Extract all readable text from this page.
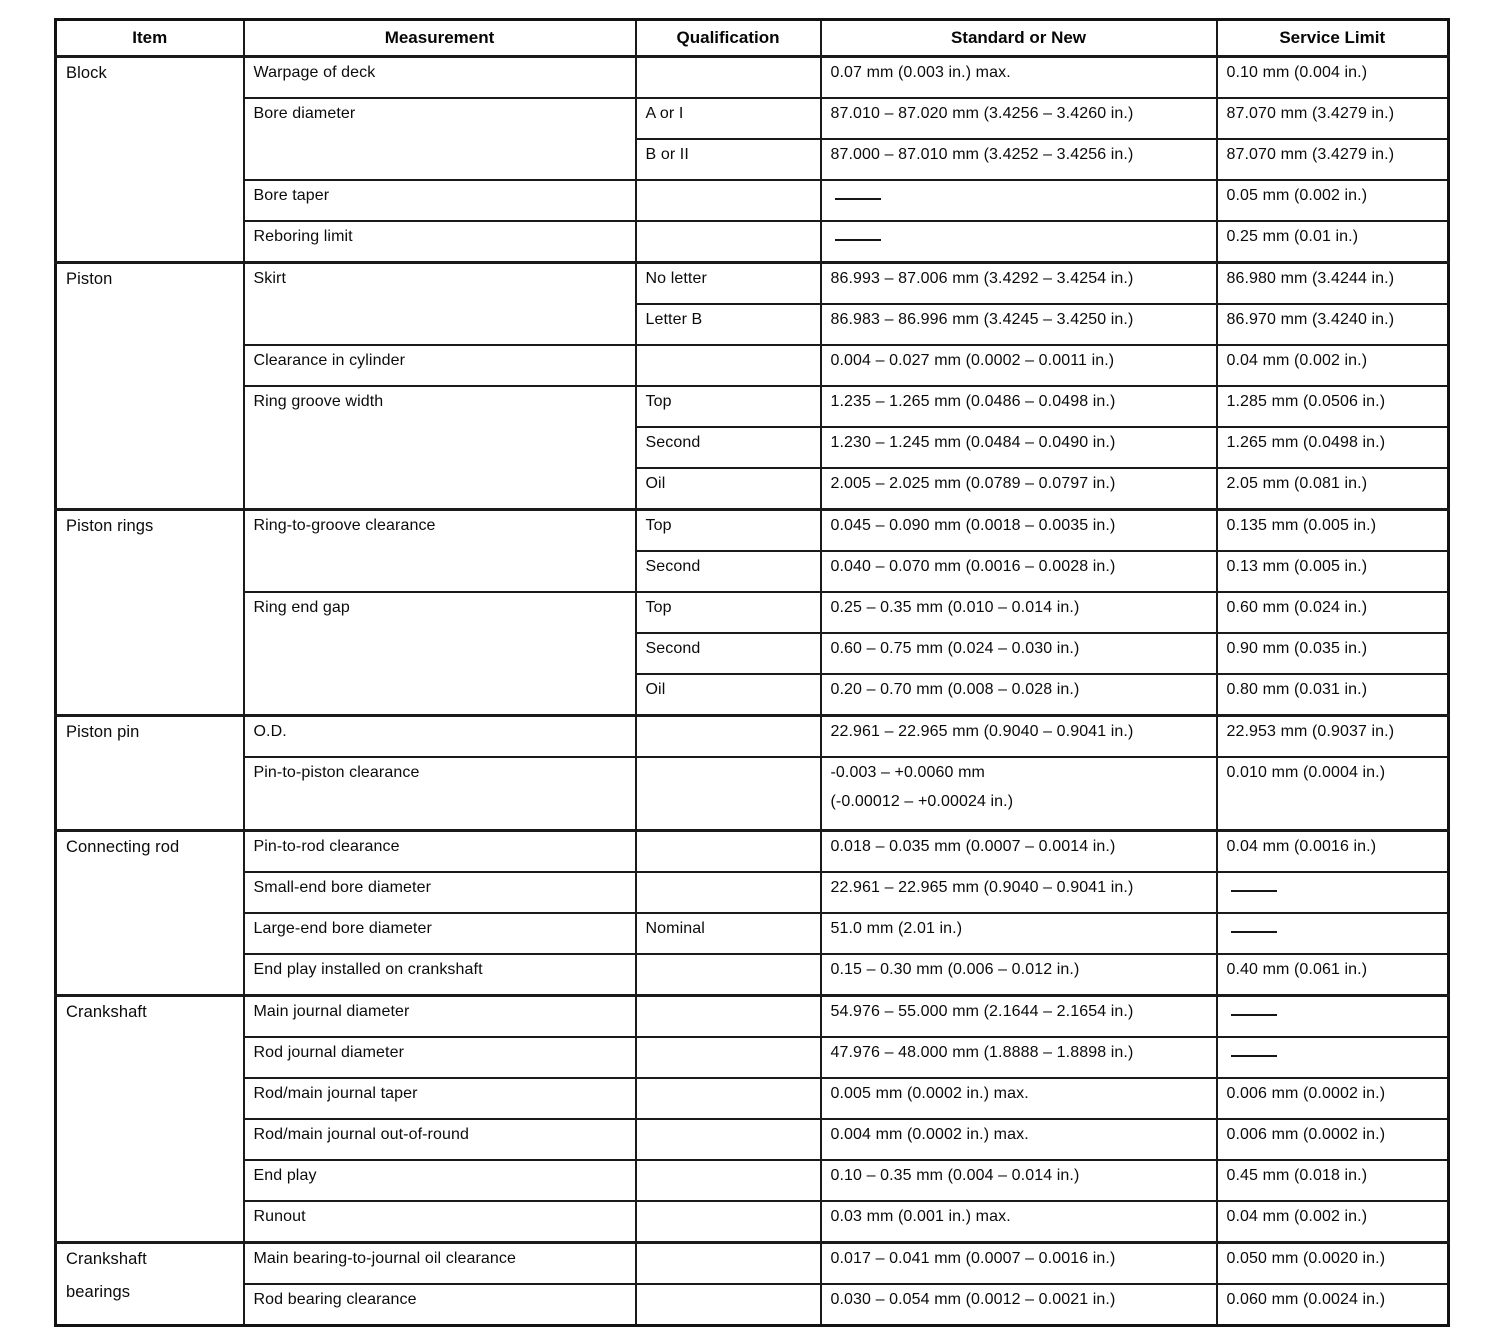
Item	Measurement	Qualification	Standard or New	Service Limit
Block	Warpage of deck		0.07 mm (0.003 in.) max.	0.10 mm (0.004 in.)
	Bore diameter	A or I	87.010 – 87.020 mm (3.4256 – 3.4260 in.)	87.070 mm (3.4279 in.)
		B or II	87.000 – 87.010 mm (3.4252 – 3.4256 in.)	87.070 mm (3.4279 in.)
	Bore taper			0.05 mm (0.002 in.)
	Reboring limit			0.25 mm (0.01 in.)
Piston	Skirt	No letter	86.993 – 87.006 mm (3.4292 – 3.4254 in.)	86.980 mm (3.4244 in.)
		Letter B	86.983 – 86.996 mm (3.4245 – 3.4250 in.)	86.970 mm (3.4240 in.)
	Clearance in cylinder		0.004 – 0.027 mm (0.0002 – 0.0011 in.)	0.04 mm (0.002 in.)
	Ring groove width	Top	1.235 – 1.265 mm (0.0486 – 0.0498 in.)	1.285 mm (0.0506 in.)
		Second	1.230 – 1.245 mm (0.0484 – 0.0490 in.)	1.265 mm (0.0498 in.)
		Oil	2.005 – 2.025 mm (0.0789 – 0.0797 in.)	2.05 mm (0.081 in.)
Piston rings	Ring-to-groove clearance	Top	0.045 – 0.090 mm (0.0018 – 0.0035 in.)	0.135 mm (0.005 in.)
		Second	0.040 – 0.070 mm (0.0016 – 0.0028 in.)	0.13 mm (0.005 in.)
	Ring end gap	Top	0.25 – 0.35 mm (0.010 – 0.014 in.)	0.60 mm (0.024 in.)
		Second	0.60 – 0.75 mm (0.024 – 0.030 in.)	0.90 mm (0.035 in.)
		Oil	0.20 – 0.70 mm (0.008 – 0.028 in.)	0.80 mm (0.031 in.)
Piston pin	O.D.		22.961 – 22.965 mm (0.9040 – 0.9041 in.)	22.953 mm (0.9037 in.)
	Pin-to-piston clearance		-0.003 – +0.0060 mm
(-0.00012 – +0.00024 in.)	0.010 mm (0.0004 in.)
Connecting rod	Pin-to-rod clearance		0.018 – 0.035 mm (0.0007 – 0.0014 in.)	0.04 mm (0.0016 in.)
	Small-end bore diameter		22.961 – 22.965 mm (0.9040 – 0.9041 in.)	
	Large-end bore diameter	Nominal	51.0 mm (2.01 in.)	
	End play installed on crankshaft		0.15 – 0.30 mm (0.006 – 0.012 in.)	0.40 mm (0.061 in.)
Crankshaft	Main journal diameter		54.976 – 55.000 mm (2.1644 – 2.1654 in.)	
	Rod journal diameter		47.976 – 48.000 mm (1.8888 – 1.8898 in.)	
	Rod/main journal taper		0.005 mm (0.0002 in.) max.	0.006 mm (0.0002 in.)
	Rod/main journal out-of-round		0.004 mm (0.0002 in.) max.	0.006 mm (0.0002 in.)
	End play		0.10 – 0.35 mm (0.004 – 0.014 in.)	0.45 mm (0.018 in.)
	Runout		0.03 mm (0.001 in.) max.	0.04 mm (0.002 in.)

Crankshaft
bearings	Main bearing-to-journal oil clearance		0.017 – 0.041 mm (0.0007 – 0.0016 in.)	0.050 mm (0.0020 in.)
	Rod bearing clearance		0.030 – 0.054 mm (0.0012 – 0.0021 in.)	0.060 mm (0.0024 in.)
